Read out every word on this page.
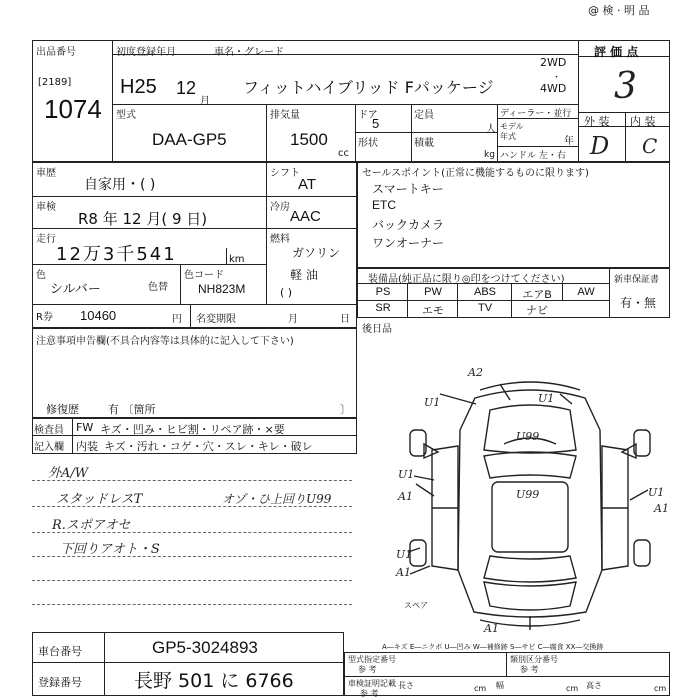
@ 検 · 明 品
出品番号
[2189]
1074
初度登録年月
H25 12
月
車名・グレード
フィットハイブリッド Fパッケージ
2WD
・
4WD
評 価 点
3
型式
DAA-GP5
排気量
1500
cc
ドア
5
定員
人
形状	積載
kg
ディーラー・並行
モデル年式	年
ハンドル 左・右
外 装 内 装
D C
車歴
自家用・( )
シフト
AT
車検
R8 年 12 月( 9 日)
冷房
AAC
走行
12万3千541	km
燃料
ガソリン
軽 油
( )
色
シルバー	色替
色コード
NH823M
R券 10460	円 名変期限	月	日
セールスポイント(正常に機能するものに限ります)
スマートキー
ETC
バックカメラ
ワンオーナー
装備品(純正品に限り◎印をつけてください)
PS	PW	ABS	エアB	AW
SR	エモ	TV	ナビ
新車保証書
有・無
後日品
注意事項申告欄(不具合内容等は具体的に記入して下さい)
修復歴	有 〔箇所	〕
検査員
記入欄
FW キズ・凹み・ヒビ割・リペア跡・×要
内装 キズ・汚れ・コゲ・穴・スレ・キレ・破レ
外A/W
スタッドレスT
R.スポアオセ
下回りアオト・S
オゾ・ひ上回りU99
A2
U1	U1
U1
A1
U1
A1
U1
U99
U99
A1
A1
スペア
A―キズ E―ニクボ U―凹み W―補修跡 S―サビ C―腐食 XX―交換跡
車台番号	GP5-3024893
登録番号	長野 501 に 6766
型式指定番号
参 考
類別区分番号
参 考
車検証明記載
参 考
長さ	cm 幅	cm 高さ	cm
